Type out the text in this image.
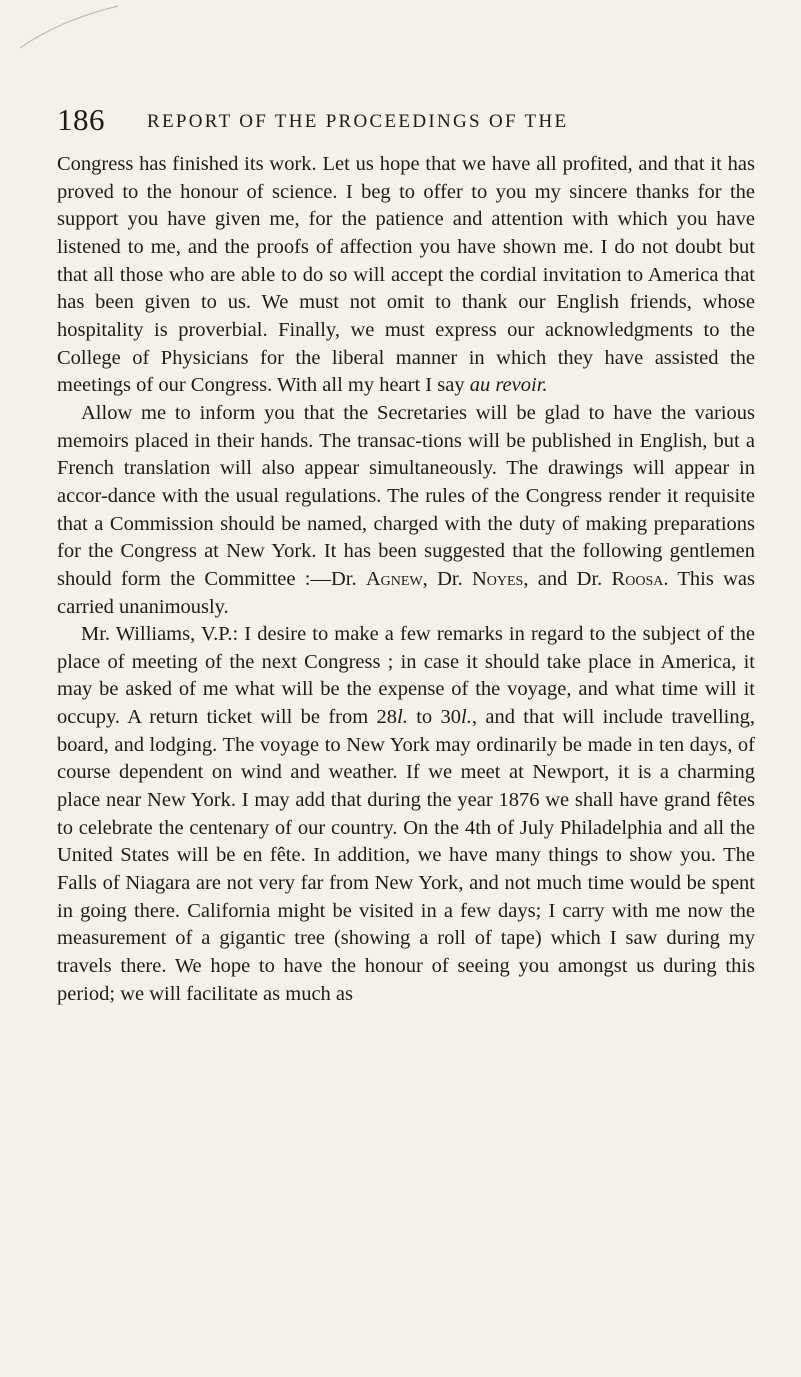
186 REPORT OF THE PROCEEDINGS OF THE

Congress has finished its work. Let us hope that we have all profited, and that it has proved to the honour of science. I beg to offer to you my sincere thanks for the support you have given me, for the patience and attention with which you have listened to me, and the proofs of affection you have shown me. I do not doubt but that all those who are able to do so will accept the cordial invitation to America that has been given to us. We must not omit to thank our English friends, whose hospitality is proverbial. Finally, we must express our acknowledgments to the College of Physicians for the liberal manner in which they have assisted the meetings of our Congress. With all my heart I say au revoir.

Allow me to inform you that the Secretaries will be glad to have the various memoirs placed in their hands. The transac-tions will be published in English, but a French translation will also appear simultaneously. The drawings will appear in accor-dance with the usual regulations. The rules of the Congress render it requisite that a Commission should be named, charged with the duty of making preparations for the Congress at New York. It has been suggested that the following gentlemen should form the Committee :—Dr. Agnew, Dr. Noyes, and Dr. Roosa. This was carried unanimously.

Mr. Williams, V.P.: I desire to make a few remarks in regard to the subject of the place of meeting of the next Congress ; in case it should take place in America, it may be asked of me what will be the expense of the voyage, and what time will it occupy. A return ticket will be from 28l. to 30l., and that will include travelling, board, and lodging. The voyage to New York may ordinarily be made in ten days, of course dependent on wind and weather. If we meet at Newport, it is a charming place near New York. I may add that during the year 1876 we shall have grand fêtes to celebrate the centenary of our country. On the 4th of July Philadelphia and all the United States will be en fête. In addition, we have many things to show you. The Falls of Niagara are not very far from New York, and not much time would be spent in going there. California might be visited in a few days; I carry with me now the measurement of a gigantic tree (showing a roll of tape) which I saw during my travels there. We hope to have the honour of seeing you amongst us during this period; we will facilitate as much as
